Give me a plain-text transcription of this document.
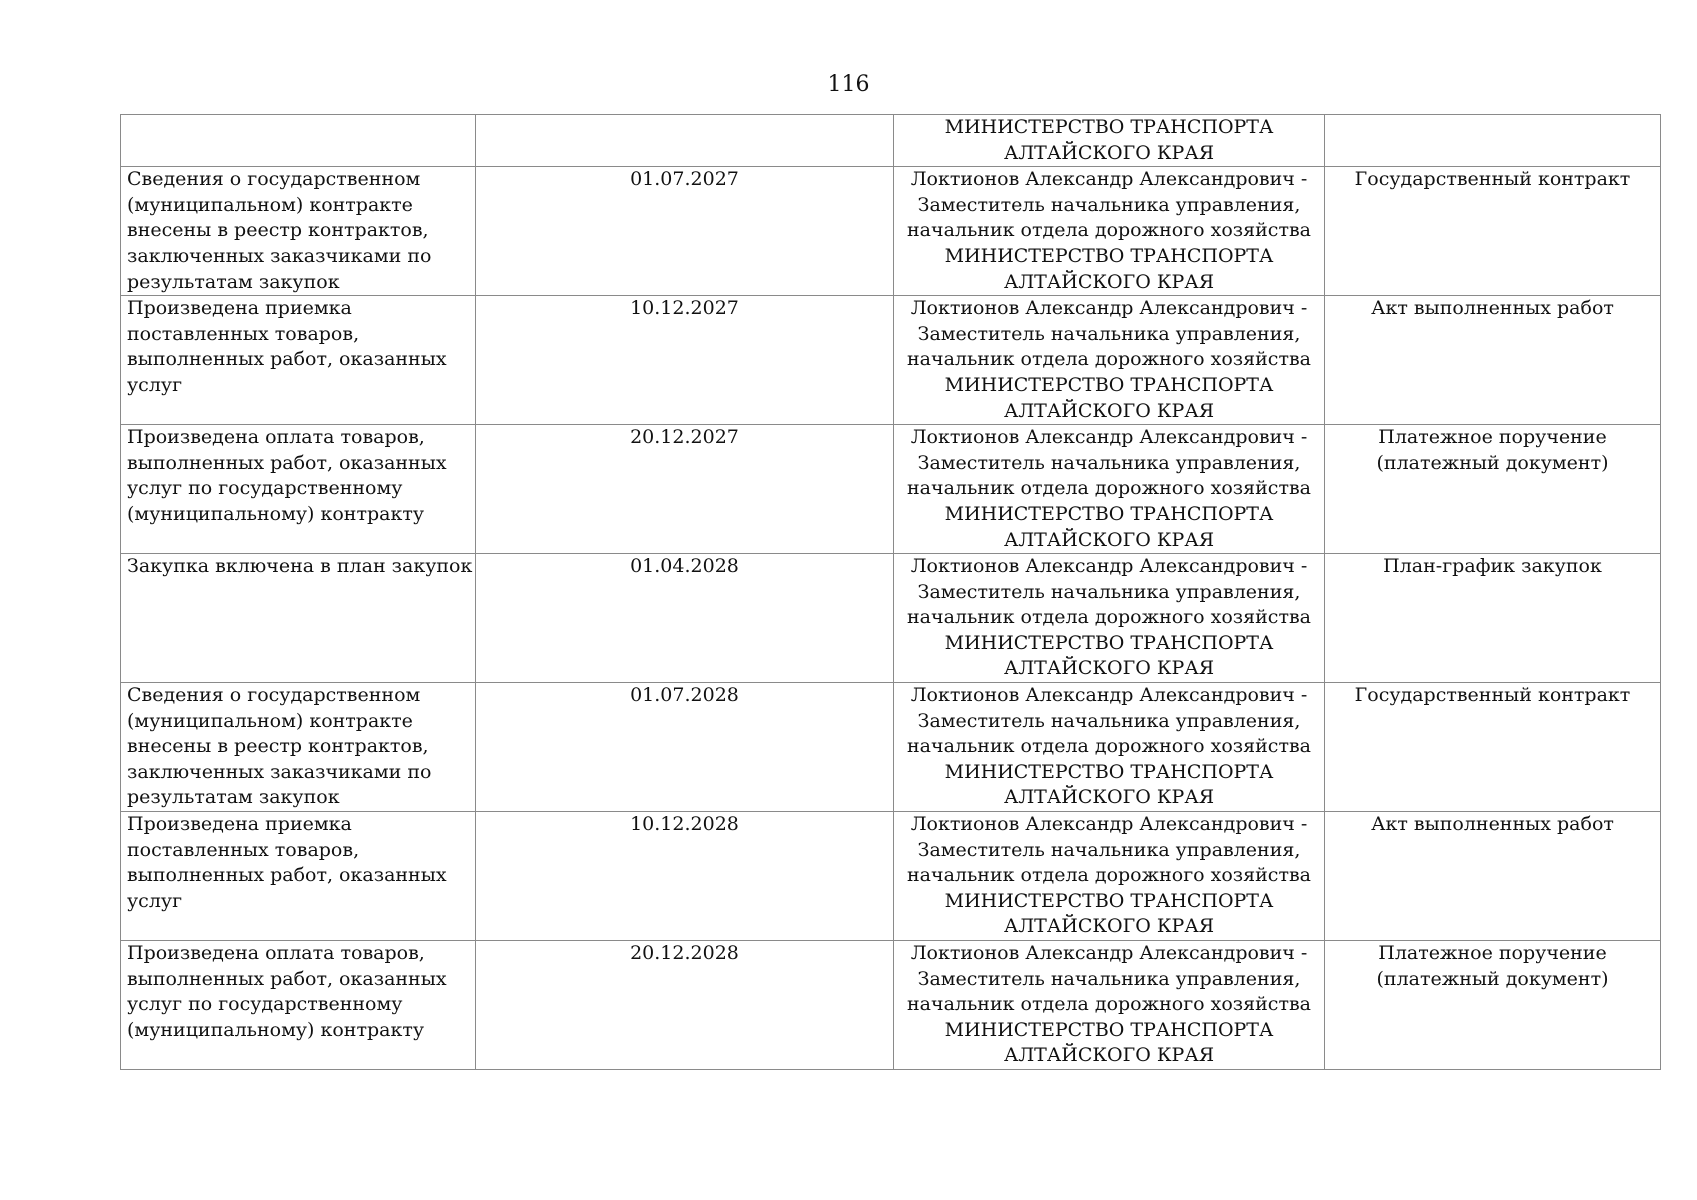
116

		МИНИСТЕРСТВО ТРАНСПОРТА
АЛТАЙСКОГО КРАЯ	

Сведения о государственном
(муниципальном) контракте
внесены в реестр контрактов,
заключенных заказчиками по
результатам закупок	01.07.2027	Локтионов Александр Александрович -
Заместитель начальника управления,
начальник отдела дорожного хозяйства
МИНИСТЕРСТВО ТРАНСПОРТА
АЛТАЙСКОГО КРАЯ	Государственный контракт

Произведена приемка
поставленных товаров,
выполненных работ, оказанных
услуг	10.12.2027	Локтионов Александр Александрович -
Заместитель начальника управления,
начальник отдела дорожного хозяйства
МИНИСТЕРСТВО ТРАНСПОРТА
АЛТАЙСКОГО КРАЯ	Акт выполненных работ

Произведена оплата товаров,
выполненных работ, оказанных
услуг по государственному
(муниципальному) контракту	20.12.2027	Локтионов Александр Александрович -
Заместитель начальника управления,
начальник отдела дорожного хозяйства
МИНИСТЕРСТВО ТРАНСПОРТА
АЛТАЙСКОГО КРАЯ	Платежное поручение
(платежный документ)

Закупка включена в план закупок	01.04.2028	Локтионов Александр Александрович -
Заместитель начальника управления,
начальник отдела дорожного хозяйства
МИНИСТЕРСТВО ТРАНСПОРТА
АЛТАЙСКОГО КРАЯ	План-график закупок

Сведения о государственном
(муниципальном) контракте
внесены в реестр контрактов,
заключенных заказчиками по
результатам закупок	01.07.2028	Локтионов Александр Александрович -
Заместитель начальника управления,
начальник отдела дорожного хозяйства
МИНИСТЕРСТВО ТРАНСПОРТА
АЛТАЙСКОГО КРАЯ	Государственный контракт

Произведена приемка
поставленных товаров,
выполненных работ, оказанных
услуг	10.12.2028	Локтионов Александр Александрович -
Заместитель начальника управления,
начальник отдела дорожного хозяйства
МИНИСТЕРСТВО ТРАНСПОРТА
АЛТАЙСКОГО КРАЯ	Акт выполненных работ

Произведена оплата товаров,
выполненных работ, оказанных
услуг по государственному
(муниципальному) контракту	20.12.2028	Локтионов Александр Александрович -
Заместитель начальника управления,
начальник отдела дорожного хозяйства
МИНИСТЕРСТВО ТРАНСПОРТА
АЛТАЙСКОГО КРАЯ	Платежное поручение
(платежный документ)
